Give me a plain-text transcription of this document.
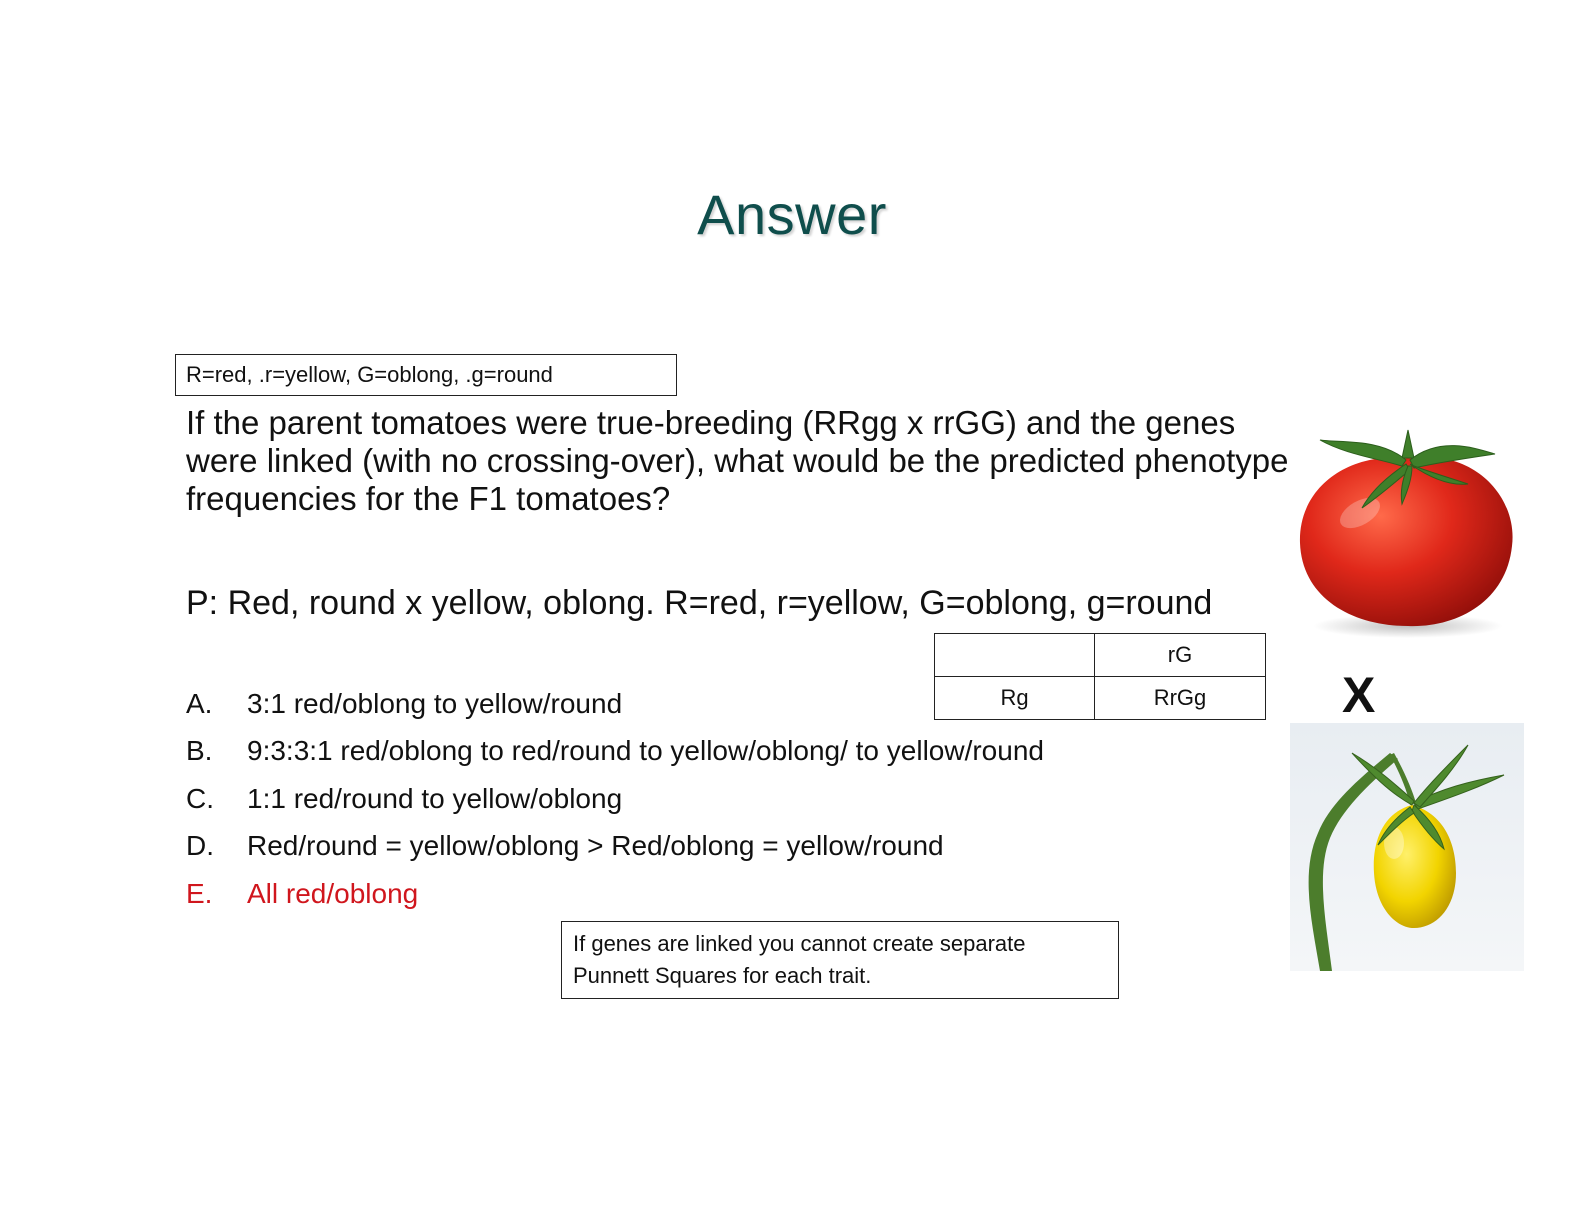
Answer
R=red, .r=yellow, G=oblong, .g=round
If the parent tomatoes were true-breeding (RRgg x rrGG) and the genes were linked (with no crossing-over), what would be the predicted phenotype frequencies for the F1 tomatoes?
P: Red, round x yellow, oblong. R=red, r=yellow, G=oblong, g=round
A.	3:1 red/oblong to yellow/round
B.	9:3:3:1 red/oblong to red/round to yellow/oblong/ to yellow/round
C.	1:1 red/round to yellow/oblong
D.	Red/round = yellow/oblong > Red/oblong = yellow/round
E.	All red/oblong
	rG
Rg	RrGg
If genes are linked you cannot create separate Punnett Squares for each trait.
X
